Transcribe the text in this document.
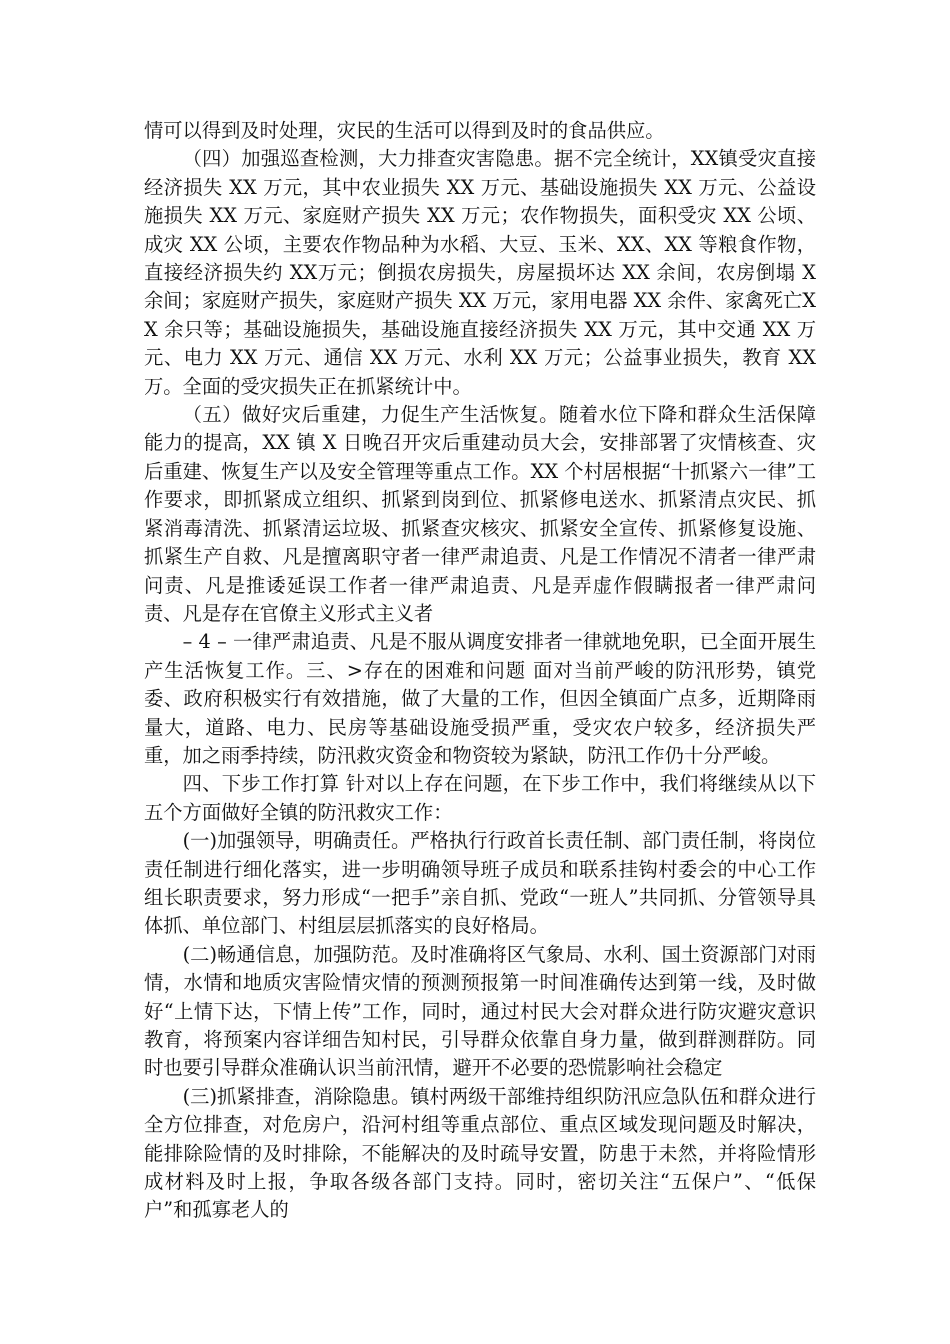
情可以得到及时处理，灾民的生活可以得到及时的食品供应。

（四）加强巡查检测，大力排查灾害隐患。据不完全统计，XX镇受灾直接经济损失 XX 万元，其中农业损失 XX 万元、基础设施损失 XX 万元、公益设施损失 XX 万元、家庭财产损失 XX 万元；农作物损失，面积受灾 XX 公顷、成灾 XX 公顷，主要农作物品种为水稻、大豆、玉米、XX、XX 等粮食作物，直接经济损失约 XX万元；倒损农房损失，房屋损坏达 XX 余间，农房倒塌 X 余间；家庭财产损失，家庭财产损失 XX 万元，家用电器 XX 余件、家禽死亡XX 余只等；基础设施损失，基础设施直接经济损失 XX 万元，其中交通 XX 万元、电力 XX 万元、通信 XX 万元、水利 XX 万元；公益事业损失，教育 XX 万。全面的受灾损失正在抓紧统计中。

（五）做好灾后重建，力促生产生活恢复。随着水位下降和群众生活保障能力的提高，XX 镇 X 日晚召开灾后重建动员大会，安排部署了灾情核查、灾后重建、恢复生产以及安全管理等重点工作。XX 个村居根据“十抓紧六一律”工作要求，即抓紧成立组织、抓紧到岗到位、抓紧修电送水、抓紧清点灾民、抓紧消毒清洗、抓紧清运垃圾、抓紧查灾核灾、抓紧安全宣传、抓紧修复设施、抓紧生产自救、凡是擅离职守者一律严肃追责、凡是工作情况不清者一律严肃问责、凡是推诿延误工作者一律严肃追责、凡是弄虚作假瞒报者一律严肃问责、凡是存在官僚主义形式主义者

– 4 – 一律严肃追责、凡是不服从调度安排者一律就地免职，已全面开展生产生活恢复工作。三、>存在的困难和问题 面对当前严峻的防汛形势，镇党委、政府积极实行有效措施，做了大量的工作，但因全镇面广点多，近期降雨量大，道路、电力、民房等基础设施受损严重，受灾农户较多，经济损失严重，加之雨季持续，防汛救灾资金和物资较为紧缺，防汛工作仍十分严峻。

四、下步工作打算 针对以上存在问题，在下步工作中，我们将继续从以下五个方面做好全镇的防汛救灾工作：

(一)加强领导，明确责任。严格执行行政首长责任制、部门责任制，将岗位责任制进行细化落实，进一步明确领导班子成员和联系挂钩村委会的中心工作组长职责要求，努力形成“一把手”亲自抓、党政“一班人”共同抓、分管领导具体抓、单位部门、村组层层抓落实的良好格局。

(二)畅通信息，加强防范。及时准确将区气象局、水利、国土资源部门对雨情，水情和地质灾害险情灾情的预测预报第一时间准确传达到第一线，及时做好“上情下达，下情上传”工作，同时，通过村民大会对群众进行防灾避灾意识教育，将预案内容详细告知村民，引导群众依靠自身力量，做到群测群防。同时也要引导群众准确认识当前汛情，避开不必要的恐慌影响社会稳定

(三)抓紧排查，消除隐患。镇村两级干部维持组织防汛应急队伍和群众进行全方位排查，对危房户，沿河村组等重点部位、重点区域发现问题及时解决，能排除险情的及时排除，不能解决的及时疏导安置，防患于未然，并将险情形成材料及时上报，争取各级各部门支持。同时，密切关注“五保户”、“低保户”和孤寡老人的
